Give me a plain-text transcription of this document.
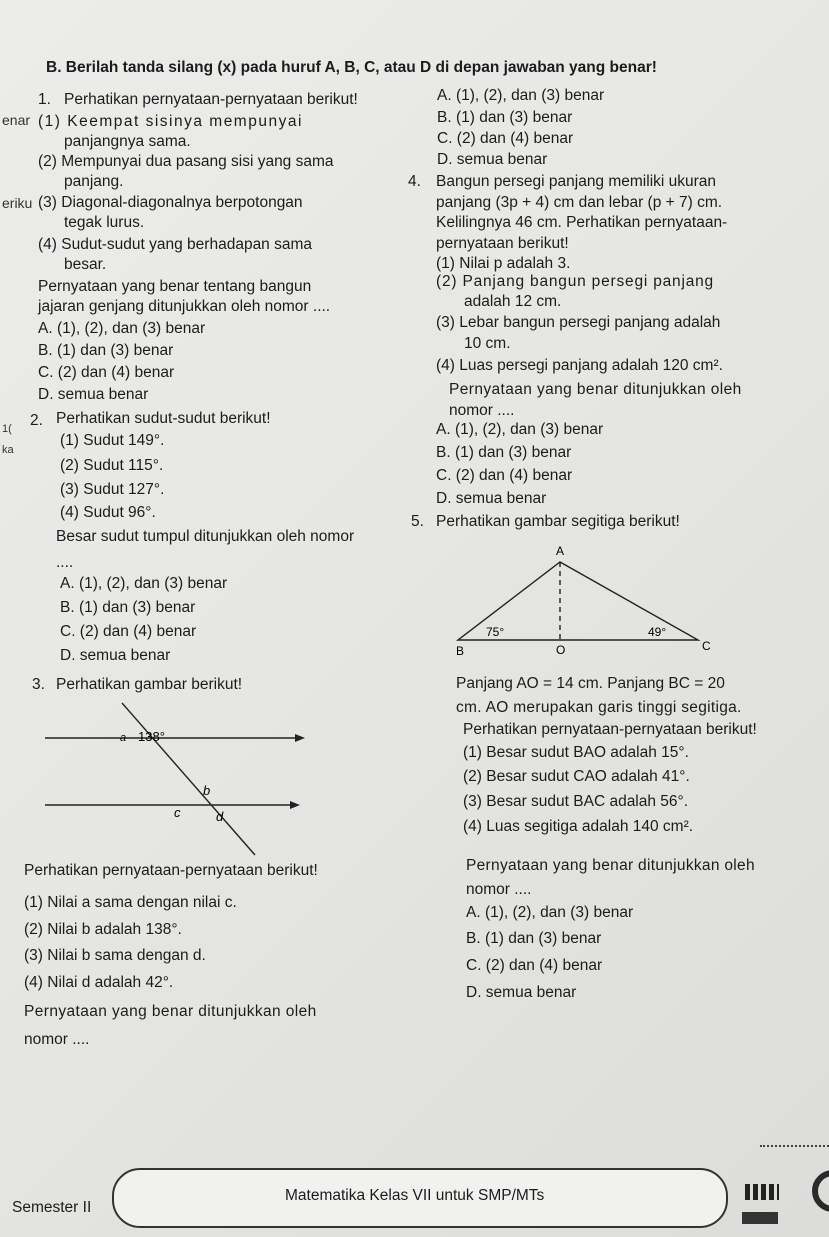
B. Berilah tanda silang (x) pada huruf A, B, C, atau D di depan jawaban yang benar!
enar
eriku
1(
ka
1. Perhatikan pernyataan-pernyataan berikut!
(1) Keempat sisinya mempunyai
panjangnya sama.
(2) Mempunyai dua pasang sisi yang sama
panjang.
(3) Diagonal-diagonalnya berpotongan
tegak lurus.
(4) Sudut-sudut yang berhadapan sama
besar.
Pernyataan yang benar tentang bangun
jajaran genjang ditunjukkan oleh nomor ....
A. (1), (2), dan (3) benar
B. (1) dan (3) benar
C. (2) dan (4) benar
D. semua benar
2. Perhatikan sudut-sudut berikut!
(1) Sudut 149°.
(2) Sudut 115°.
(3) Sudut 127°.
(4) Sudut 96°.
Besar sudut tumpul ditunjukkan oleh nomor
....
A. (1), (2), dan (3) benar
B. (1) dan (3) benar
C. (2) dan (4) benar
D. semua benar
3. Perhatikan gambar berikut!
a 138°
b
c	d
Perhatikan pernyataan-pernyataan berikut!
(1) Nilai a sama dengan nilai c.
(2) Nilai b adalah 138°.
(3) Nilai b sama dengan d.
(4) Nilai d adalah 42°.
Pernyataan yang benar ditunjukkan oleh
nomor ....
A. (1), (2), dan (3) benar
B. (1) dan (3) benar
C. (2) dan (4) benar
D. semua benar
4. Bangun persegi panjang memiliki ukuran
panjang (3p + 4) cm dan lebar (p + 7) cm.
Kelilingnya 46 cm. Perhatikan pernyataan-
pernyataan berikut!
(1) Nilai p adalah 3.
(2) Panjang bangun persegi panjang
adalah 12 cm.
(3) Lebar bangun persegi panjang adalah
10 cm.
(4) Luas persegi panjang adalah 120 cm².
Pernyataan yang benar ditunjukkan oleh
nomor ....
A. (1), (2), dan (3) benar
B. (1) dan (3) benar
C. (2) dan (4) benar
D. semua benar
5. Perhatikan gambar segitiga berikut!
A
B	C
O
75°	49°
Panjang AO = 14 cm. Panjang BC = 20
cm. AO merupakan garis tinggi segitiga.
Perhatikan pernyataan-pernyataan berikut!
(1) Besar sudut BAO adalah 15°.
(2) Besar sudut CAO adalah 41°.
(3) Besar sudut BAC adalah 56°.
(4) Luas segitiga adalah 140 cm².
Pernyataan yang benar ditunjukkan oleh
nomor ....
A. (1), (2), dan (3) benar
B. (1) dan (3) benar
C. (2) dan (4) benar
D. semua benar
Semester II
Matematika Kelas VII untuk SMP/MTs
